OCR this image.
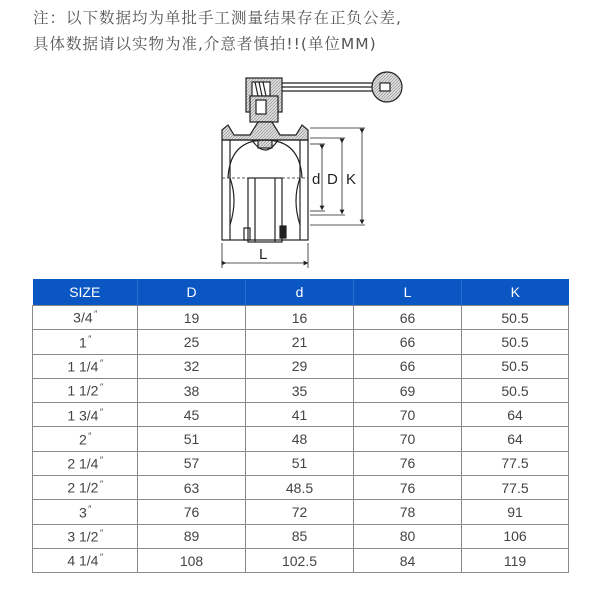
注：以下数据均为单批手工测量结果存在正负公差,
具体数据请以实物为准,介意者慎拍!!(单位MM)
d D K
L
SIZE	D	d	L	K
3/4″	19	16	66	50.5
1″	25	21	66	50.5
1 1/4″	32	29	66	50.5
1 1/2″	38	35	69	50.5
1 3/4″	45	41	70	64
2″	51	48	70	64
2 1/4″	57	51	76	77.5
2 1/2″	63	48.5	76	77.5
3″	76	72	78	91
3 1/2″	89	85	80	106
4 1/4″	108	102.5	84	119
